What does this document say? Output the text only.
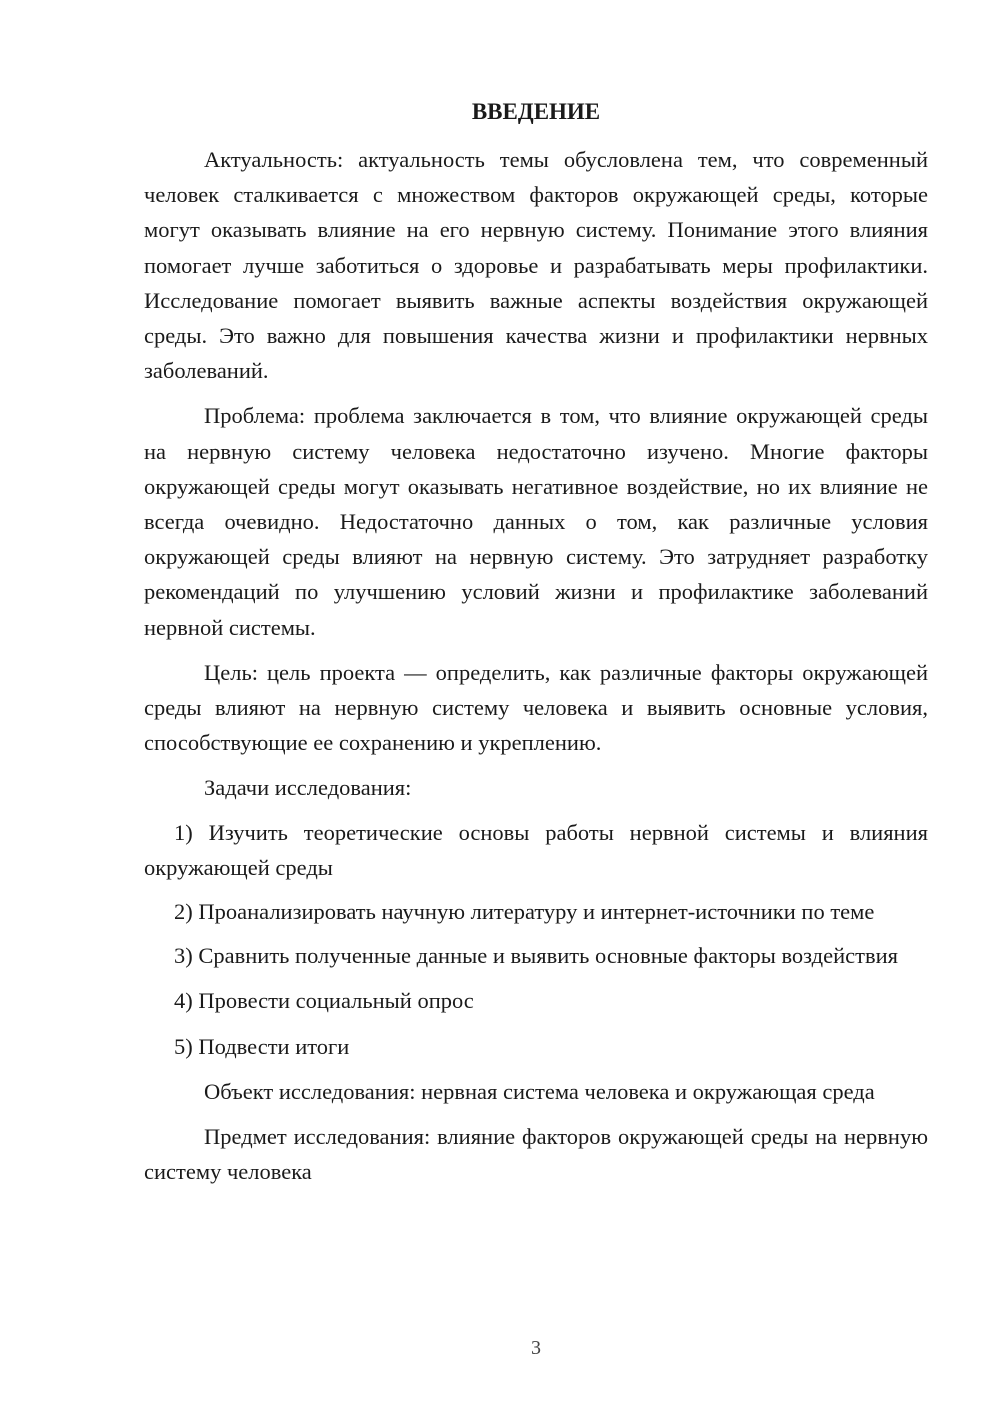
ВВЕДЕНИЕ

Актуальность: актуальность темы обусловлена тем, что современный человек сталкивается с множеством факторов окружающей среды, которые могут оказывать влияние на его нервную систему. Понимание этого влияния помогает лучше заботиться о здоровье и разрабатывать меры профилактики. Исследование помогает выявить важные аспекты воздействия окружающей среды. Это важно для повышения качества жизни и профилактики нервных заболеваний.

Проблема: проблема заключается в том, что влияние окружающей среды на нервную систему человека недостаточно изучено. Многие факторы окружающей среды могут оказывать негативное воздействие, но их влияние не всегда очевидно. Недостаточно данных о том, как различные условия окружающей среды влияют на нервную систему. Это затрудняет разработку рекомендаций по улучшению условий жизни и профилактике заболеваний нервной системы.

Цель: цель проекта — определить, как различные факторы окружающей среды влияют на нервную систему человека и выявить основные условия, способствующие ее сохранению и укреплению.

Задачи исследования:

1) Изучить теоретические основы работы нервной системы и влияния окружающей среды

2) Проанализировать научную литературу и интернет-источники по теме

3) Сравнить полученные данные и выявить основные факторы воздействия

4) Провести социальный опрос

5) Подвести итоги

Объект исследования: нервная система человека и окружающая среда

Предмет исследования: влияние факторов окружающей среды на нервную систему человека

3
